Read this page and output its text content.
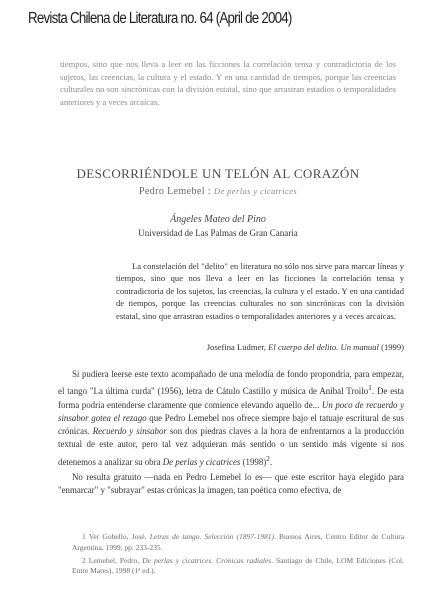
Revista Chilena de Literatura no. 64 (April de 2004)
tiempos, sino que nos lleva a leer en las ficciones la correlación tensa y contradictoria de los sujetos, las creencias, la cultura y el estado. Y en una cantidad de tiempos, porque las creencias culturales no son sincrónicas con la división estatal, sino que arrastran estadios o temporalidades anteriores y a veces arcaicas.
DESCORRIÉNDOLE UN TELÓN AL CORAZÓN
Pedro Lemebel : De perlas y cicatrices
Ángeles Mateo del Pino
Universidad de Las Palmas de Gran Canaria
La constelación del "delito" en literatura no sólo nos sirve para marcar líneas y tiempos, sino que nos lleva a leer en las ficciones la correlación tensa y contradictoria de los sujetos, las creencias, la cultura y el estado. Y en una cantidad de tiempos, porque las creencias culturales no son sincrónicas con la división estatal, sino que arrastran estadios o temporalidades anteriores y a veces arcaicas.
Josefina Ludmer, El cuerpo del delito. Un manual (1999)

Si pudiera leerse este texto acompañado de una melodía de fondo propondría, para empezar, el tango "La última curda" (1956), letra de Cátulo Castillo y música de Aníbal Troilo$^1$. De esta forma podría entenderse claramente que comience elevando aquello de... Un poco de recuerdo y sinsabor gotea el rezago que Pedro Lemebel nos ofrece siempre bajo el tatuaje escritural de sus crónicas. Recuerdo y sinsabor son dos piedras claves a la hora de enfrentarnos a la producción textual de este autor, pero tal vez adquieran más sentido o un sentido más vigente si nos detenemos a analizar su obra De perlas y cicatrices $(1998)^2$.

No resulta gratuito —nada en Pedro Lemebel lo es— que este escritor haya elegido para "enmarcar" y "subrayar" estas crónicas la imagen, tan poética como efectiva, de

1 Ver Gobello, José, Letras de tango. Selección (1897-1981). Buenos Aires, Centro Editor de Cultura Argentina, 1999, pp. 233-235.

2 Lemebel, Pedro, De perlas y cicatrices. Crónicas radiales. Santiago de Chile, LOM Ediciones (Col. Entre Mares), 1998 (1ª ed.).
